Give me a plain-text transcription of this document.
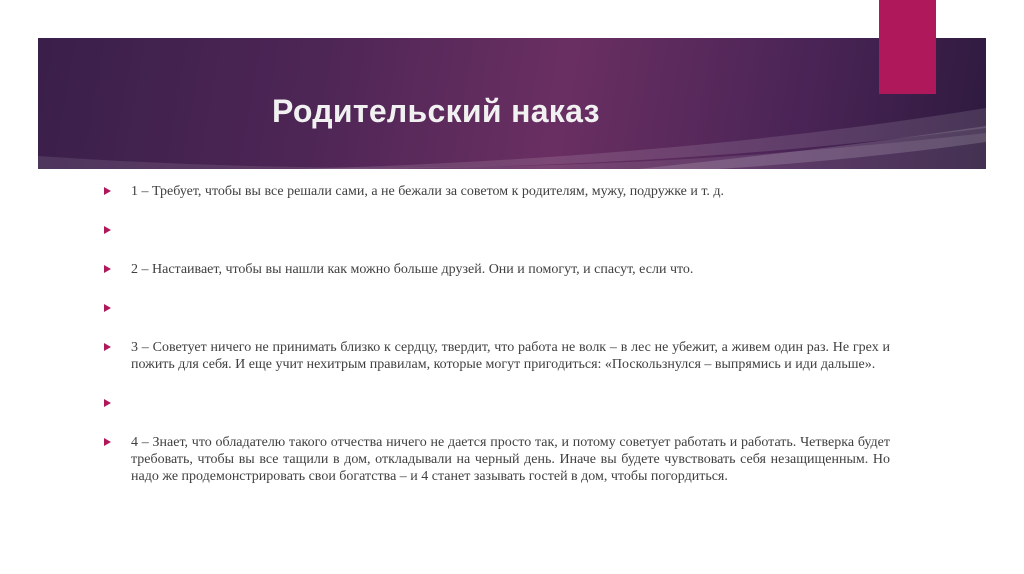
Родительский наказ
1 – Требует, чтобы вы все решали сами, а не бежали за советом к родителям, мужу, подружке и т. д.

2 – Настаивает, чтобы вы нашли как можно больше друзей. Они и помогут, и спасут, если что.

3 – Советует ничего не принимать близко к сердцу, твердит, что работа не волк – в лес не убежит, а живем один раз. Не грех и пожить для себя. И еще учит нехитрым правилам, которые могут пригодиться: «Поскользнулся – выпрямись и иди дальше».

4 – Знает, что обладателю такого отчества ничего не дается просто так, и потому советует работать и работать. Четверка будет требовать, чтобы вы все тащили в дом, откладывали на черный день. Иначе вы будете чувствовать себя незащищенным. Но надо же продемонстрировать свои богатства – и 4 станет зазывать гостей в дом, чтобы погордиться.
